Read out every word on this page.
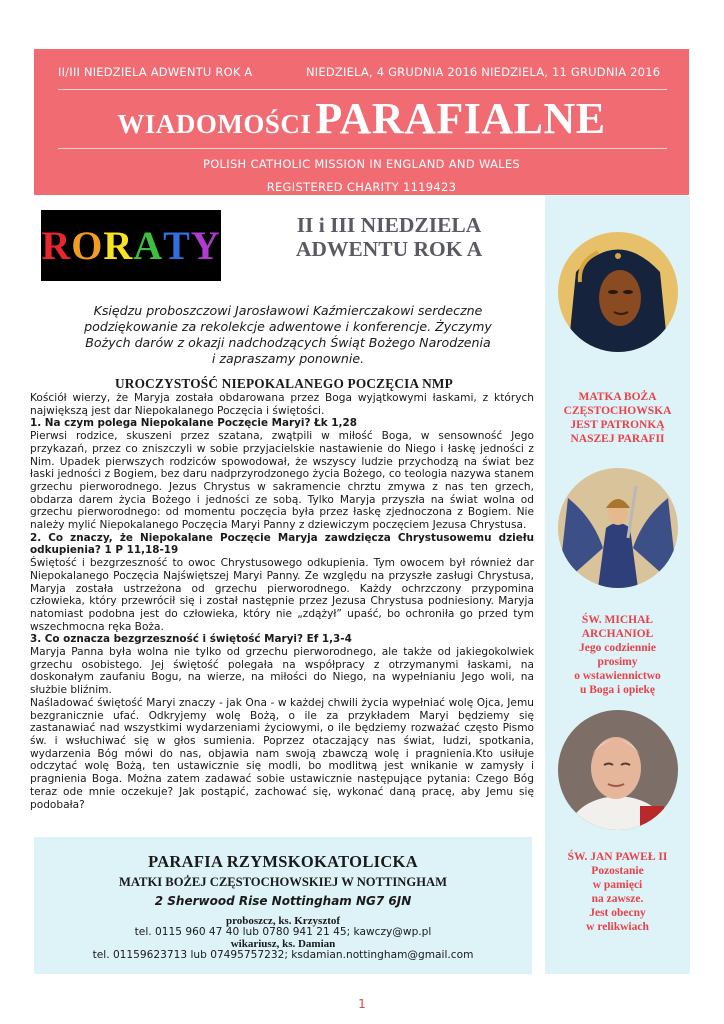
II/III NIEDZIELA ADWENTU ROK A	NIEDZIELA, 4 GRUDNIA 2016 NIEDZIELA, 11 GRUDNIA 2016
WIADOMOŚCI PARAFIALNE
POLISH CATHOLIC MISSION IN ENGLAND AND WALES
REGISTERED CHARITY 1119423
R O R A T Y	II i III NIEDZIELA
ADWENTU ROK A
Księdzu proboszczowi Jarosławowi Kaźmierczakowi serdeczne
podziękowanie za rekolekcje adwentowe i konferencje. Życzymy
Bożych darów z okazji nadchodzących Świąt Bożego Narodzenia
i zapraszamy ponownie.
UROCZYSTOŚĆ NIEPOKALANEGO POCZĘCIA NMP

Kościół wierzy, że Maryja została obdarowana przez Boga wyjątkowymi łaskami, z których największą jest dar Niepokalanego Poczęcia i świętości.

1. Na czym polega Niepokalane Poczęcie Maryi? Łk 1,28

Pierwsi rodzice, skuszeni przez szatana, zwątpili w miłość Boga, w sensowność Jego przykazań, przez co zniszczyli w sobie przyjacielskie nastawienie do Niego i łaskę jedności z Nim. Upadek pierwszych rodziców spowodował, że wszyscy ludzie przychodzą na świat bez łaski jedności z Bogiem, bez daru nadprzyrodzonego życia Bożego, co teologia nazywa stanem grzechu pierworodnego. Jezus Chrystus w sakramencie chrztu zmywa z nas ten grzech, obdarza darem życia Bożego i jedności ze sobą. Tylko Maryja przyszła na świat wolna od grzechu pierworodnego: od momentu poczęcia była przez łaskę zjednoczona z Bogiem. Nie należy mylić Niepokalanego Poczęcia Maryi Panny z dziewiczym poczęciem Jezusa Chrystusa.

2. Co znaczy, że Niepokalane Poczęcie Maryja zawdzięcza Chrystusowemu dziełu odkupienia? 1 P 11,18-19

Świętość i bezgrzeszność to owoc Chrystusowego odkupienia. Tym owocem był również dar Niepokalanego Poczęcia Najświętszej Maryi Panny. Ze względu na przyszłe zasługi Chrystusa, Maryja została ustrzeżona od grzechu pierworodnego. Każdy ochrzczony przypomina człowieka, który przewrócił się i został następnie przez Jezusa Chrystusa podniesiony. Maryja natomiast podobna jest do człowieka, który nie „zdążył” upaść, bo ochroniła go przed tym wszechmocna ręka Boża.

3. Co oznacza bezgrzeszność i świętość Maryi? Ef 1,3-4

Maryja Panna była wolna nie tylko od grzechu pierworodnego, ale także od jakiegokolwiek grzechu osobistego. Jej świętość polegała na współpracy z otrzymanymi łaskami, na doskonałym zaufaniu Bogu, na wierze, na miłości do Niego, na wypełnianiu Jego woli, na służbie bliźnim.

Naśladować świętość Maryi znaczy - jak Ona - w każdej chwili życia wypełniać wolę Ojca, Jemu bezgranicznie ufać. Odkryjemy wolę Bożą, o ile za przykładem Maryi będziemy się zastanawiać nad wszystkimi wydarzeniami życiowymi, o ile będziemy rozważać często Pismo św. i wsłuchiwać się w głos sumienia. Poprzez otaczający nas świat, ludzi, spotkania, wydarzenia Bóg mówi do nas, objawia nam swoją zbawczą wolę i pragnienia.Kto usiłuje odczytać wolę Bożą, ten ustawicznie się modli, bo modlitwą jest wnikanie w zamysły i pragnienia Boga. Można zatem zadawać sobie ustawicznie następujące pytania: Czego Bóg teraz ode mnie oczekuje? Jak postąpić, zachować się, wykonać daną pracę, aby Jemu się podobała?

PARAFIA RZYMSKOKATOLICKA
MATKI BOŻEJ CZĘSTOCHOWSKIEJ W NOTTINGHAM
2 Sherwood Rise Nottingham NG7 6JN
proboszcz, ks. Krzysztof
tel. 0115 960 47 40 lub 0780 941 21 45; kawczy@wp.pl
wikariusz, ks. Damian
tel. 01159623713 lub 07495757232; ksdamian.nottingham@gmail.com
MATKA BOŻA
CZĘSTOCHOWSKA
JEST PATRONKĄ
NASZEJ PARAFII
ŚW. MICHAŁ
ARCHANIOŁ
Jego codziennie
prosimy
o wstawiennictwo
u Boga i opiekę
ŚW. JAN PAWEŁ II
Pozostanie
w pamięci
na zawsze.
Jest obecny
w relikwiach
1
